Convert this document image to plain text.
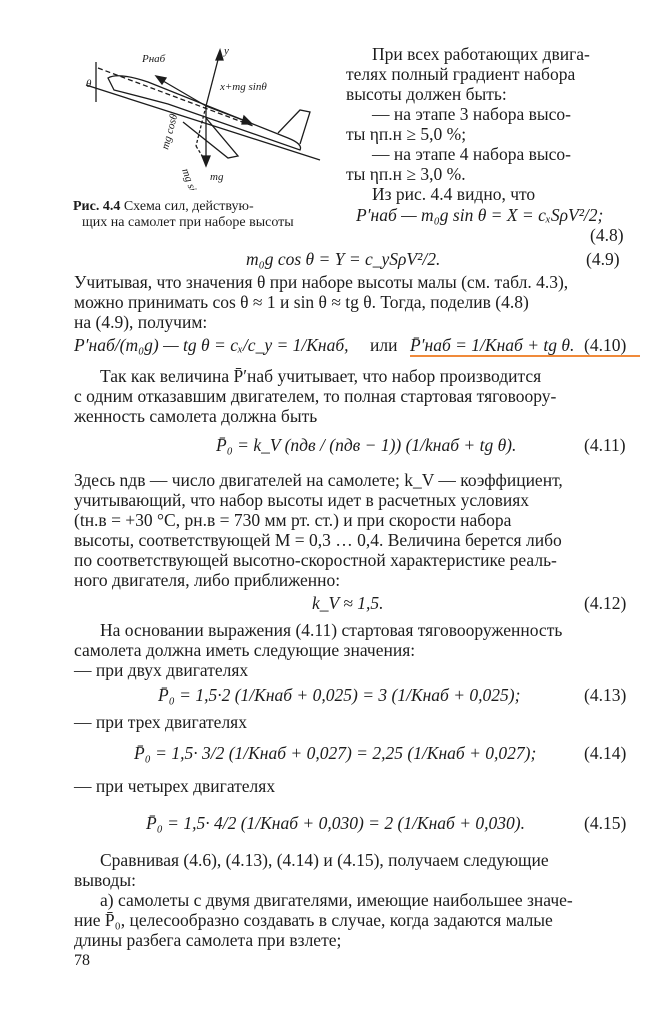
Pнаб
y
θ	x+mg sinθ
mg
mg cosθ
mg sinθ
Рис. 4.4 Схема сил, действую-
щих на самолет при наборе высоты
При всех работающих двига-
телях полный градиент набора
высоты должен быть:
— на этапе 3 набора высо-
ты ηп.н ≥ 5,0 %;
— на этапе 4 набора высо-
ты ηп.н ≥ 3,0 %.
Из рис. 4.4 видно, что
P′наб — m₀g sin θ = X = cₓSρV²/2;
(4.8)
m₀g cos θ = Y = c_ySρV²/2.	(4.9)
Учитывая, что значения θ при наборе высоты малы (см. табл. 4.3),
можно принимать cos θ ≈ 1 и sin θ ≈ tg θ. Тогда, поделив (4.8)
на (4.9), получим:
P′наб/(m₀g) — tg θ = cₓ/c_y = 1/Kнаб, или P̄′наб = 1/Kнаб + tg θ. (4.10)
Так как величина P̄′наб учитывает, что набор производится
с одним отказавшим двигателем, то полная стартовая тяговоору-
женность самолета должна быть
P̄₀ = k_V (nдв / (nдв − 1)) (1/kнаб + tg θ).	(4.11)
Здесь nдв — число двигателей на самолете; k_V — коэффициент,
учитывающий, что набор высоты идет в расчетных условиях
(tн.в = +30 °С, pн.в = 730 мм рт. ст.) и при скорости набора
высоты, соответствующей M = 0,3 … 0,4. Величина берется либо
по соответствующей высотно-скоростной характеристике реаль-
ного двигателя, либо приближенно:
k_V ≈ 1,5.	(4.12)
На основании выражения (4.11) стартовая тяговооруженность
самолета должна иметь следующие значения:
— при двух двигателях
P̄₀ = 1,5·2 (1/Kнаб + 0,025) = 3 (1/Kнаб + 0,025);	(4.13)
— при трех двигателях
P̄₀ = 1,5· 3/2 (1/Kнаб + 0,027) = 2,25 (1/Kнаб + 0,027);	(4.14)
— при четырех двигателях
P̄₀ = 1,5· 4/2 (1/Kнаб + 0,030) = 2 (1/Kнаб + 0,030).	(4.15)
Сравнивая (4.6), (4.13), (4.14) и (4.15), получаем следующие
выводы:
а) самолеты с двумя двигателями, имеющие наибольшее значе-
ние P̄₀, целесообразно создавать в случае, когда задаются малые
длины разбега самолета при взлете;
78
